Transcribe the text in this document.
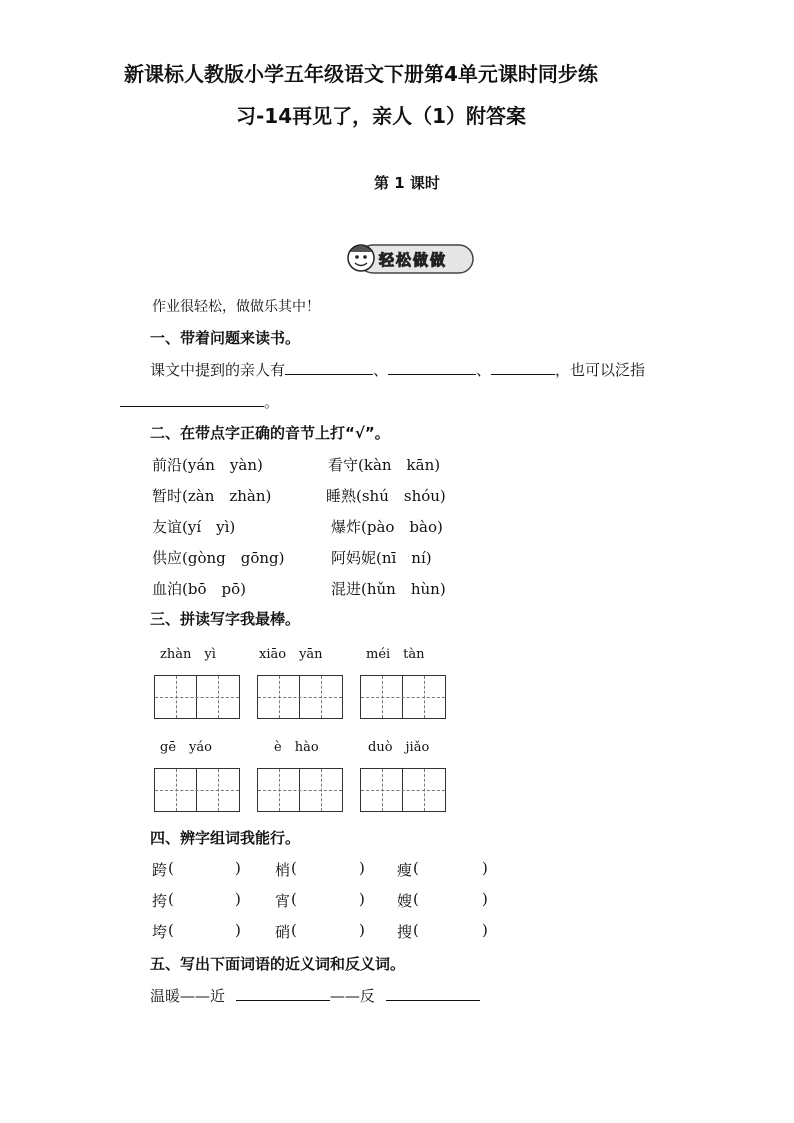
新课标人教版小学五年级语文下册第4单元课时同步练
习-14再见了，亲人（1）附答案
第 1 课时
轻松做做
作业很轻松，做做乐其中！
一、带着问题来读书。
课文中提到的亲人有	、	、	，也可以泛指
。
二、在带点字正确的音节上打“√”。
前沿(yán　yàn)	看守(kàn　kān)
暂时(zàn　zhàn)	睡熟(shú　shóu)
友谊(yí　yì)	爆炸(pào　bào)
供应(gòng　gōng)	阿妈妮(nī　ní)
血泊(bō　pō)	混进(hǔn　hùn)
三、拼读写字我最棒。
zhàn　yì	xiāo　yān	méi　tàn
gē　yáo	è　hào	duò　jiǎo
四、辨字组词我能行。
跨 (	) 梢 (	) 瘦 (	)
挎 (	) 宵 (	) 嫂 (	)
垮 (	) 硝 (	) 搜 (	)
五、写出下面词语的近义词和反义词。
温暖——近	——反
